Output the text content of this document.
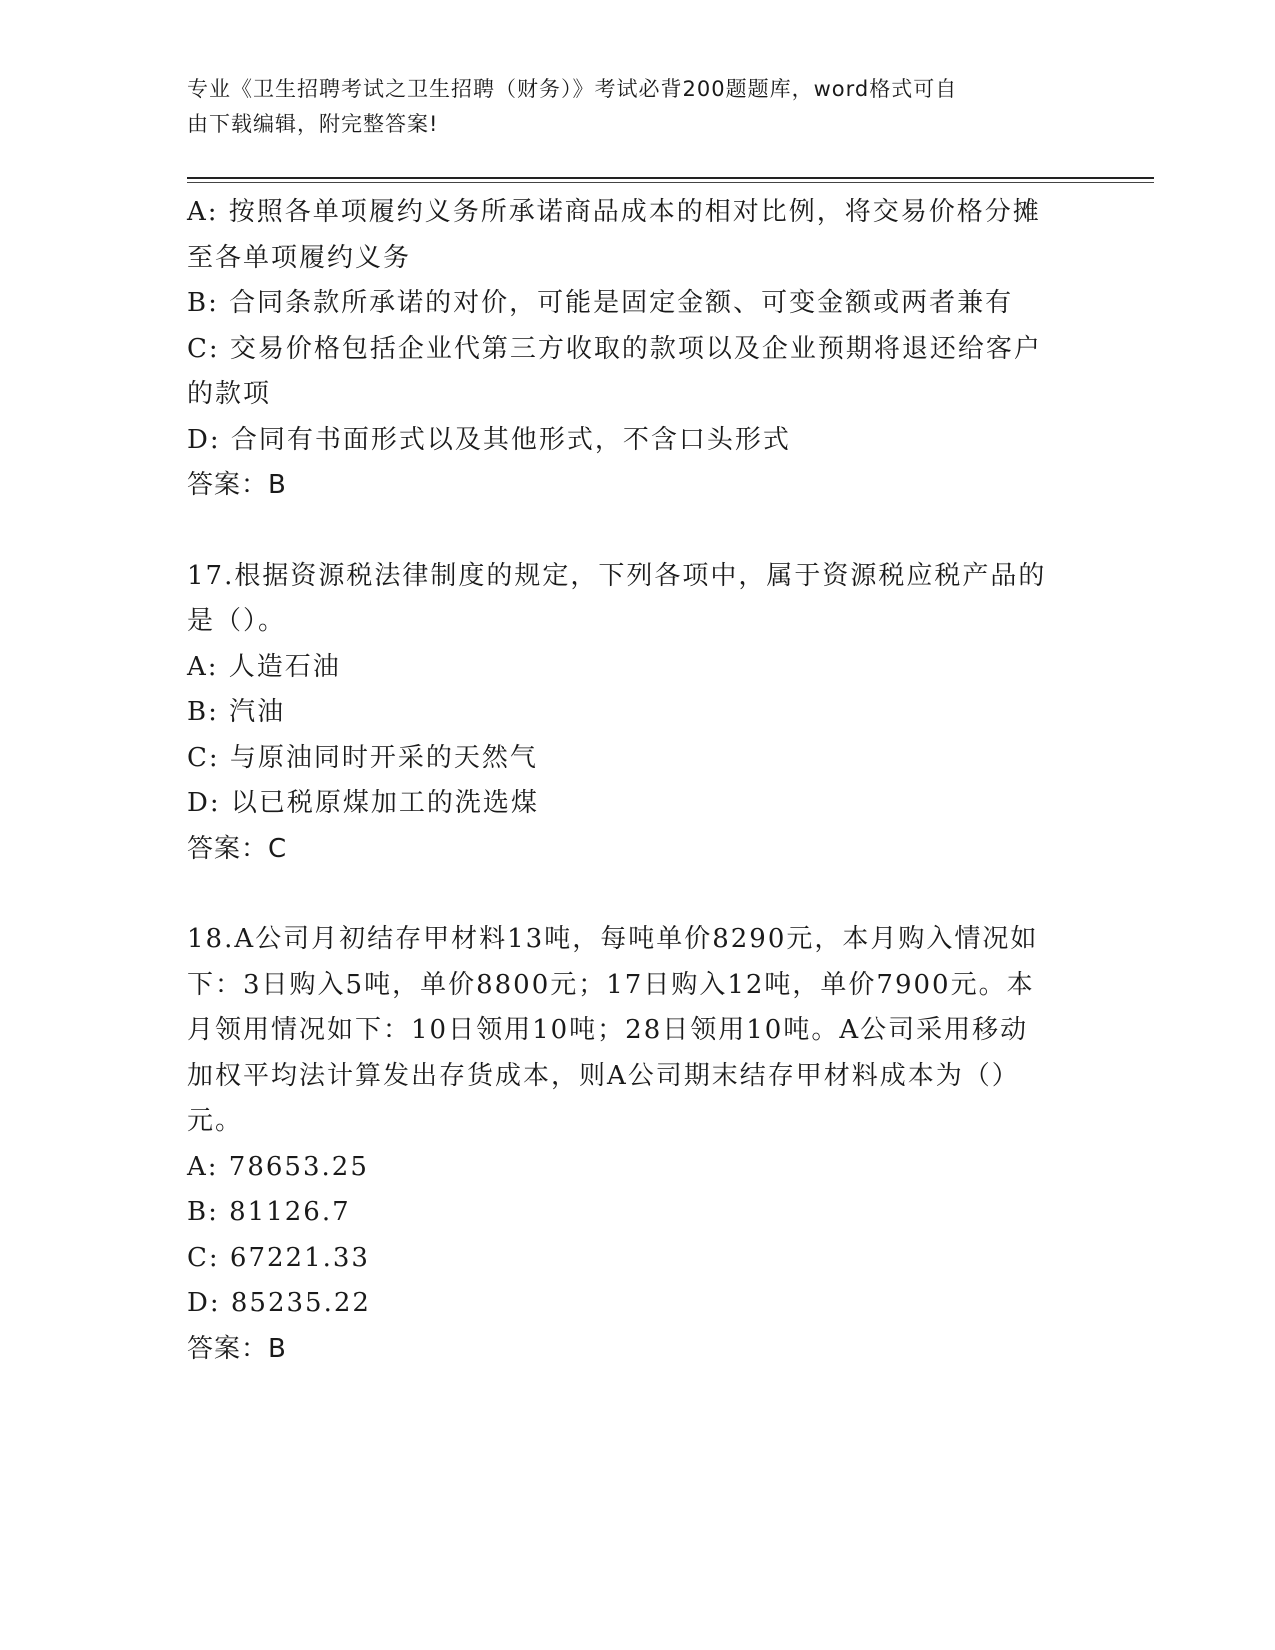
专业《卫生招聘考试之卫生招聘（财务）》考试必背200题题库，word格式可自
由下载编辑，附完整答案!
A: 按照各单项履约义务所承诺商品成本的相对比例，将交易价格分摊
至各单项履约义务
B: 合同条款所承诺的对价，可能是固定金额、可变金额或两者兼有
C: 交易价格包括企业代第三方收取的款项以及企业预期将退还给客户
的款项
D: 合同有书面形式以及其他形式，不含口头形式
答案：B
17.根据资源税法律制度的规定，下列各项中，属于资源税应税产品的
是（）。
A: 人造石油
B: 汽油
C: 与原油同时开采的天然气
D: 以已税原煤加工的洗选煤
答案：C
18.A公司月初结存甲材料13吨，每吨单价8290元，本月购入情况如
下：3日购入5吨，单价8800元；17日购入12吨，单价7900元。本
月领用情况如下：10日领用10吨；28日领用10吨。A公司采用移动
加权平均法计算发出存货成本，则A公司期末结存甲材料成本为（）
元。
A: 78653.25
B: 81126.7
C: 67221.33
D: 85235.22
答案：B
